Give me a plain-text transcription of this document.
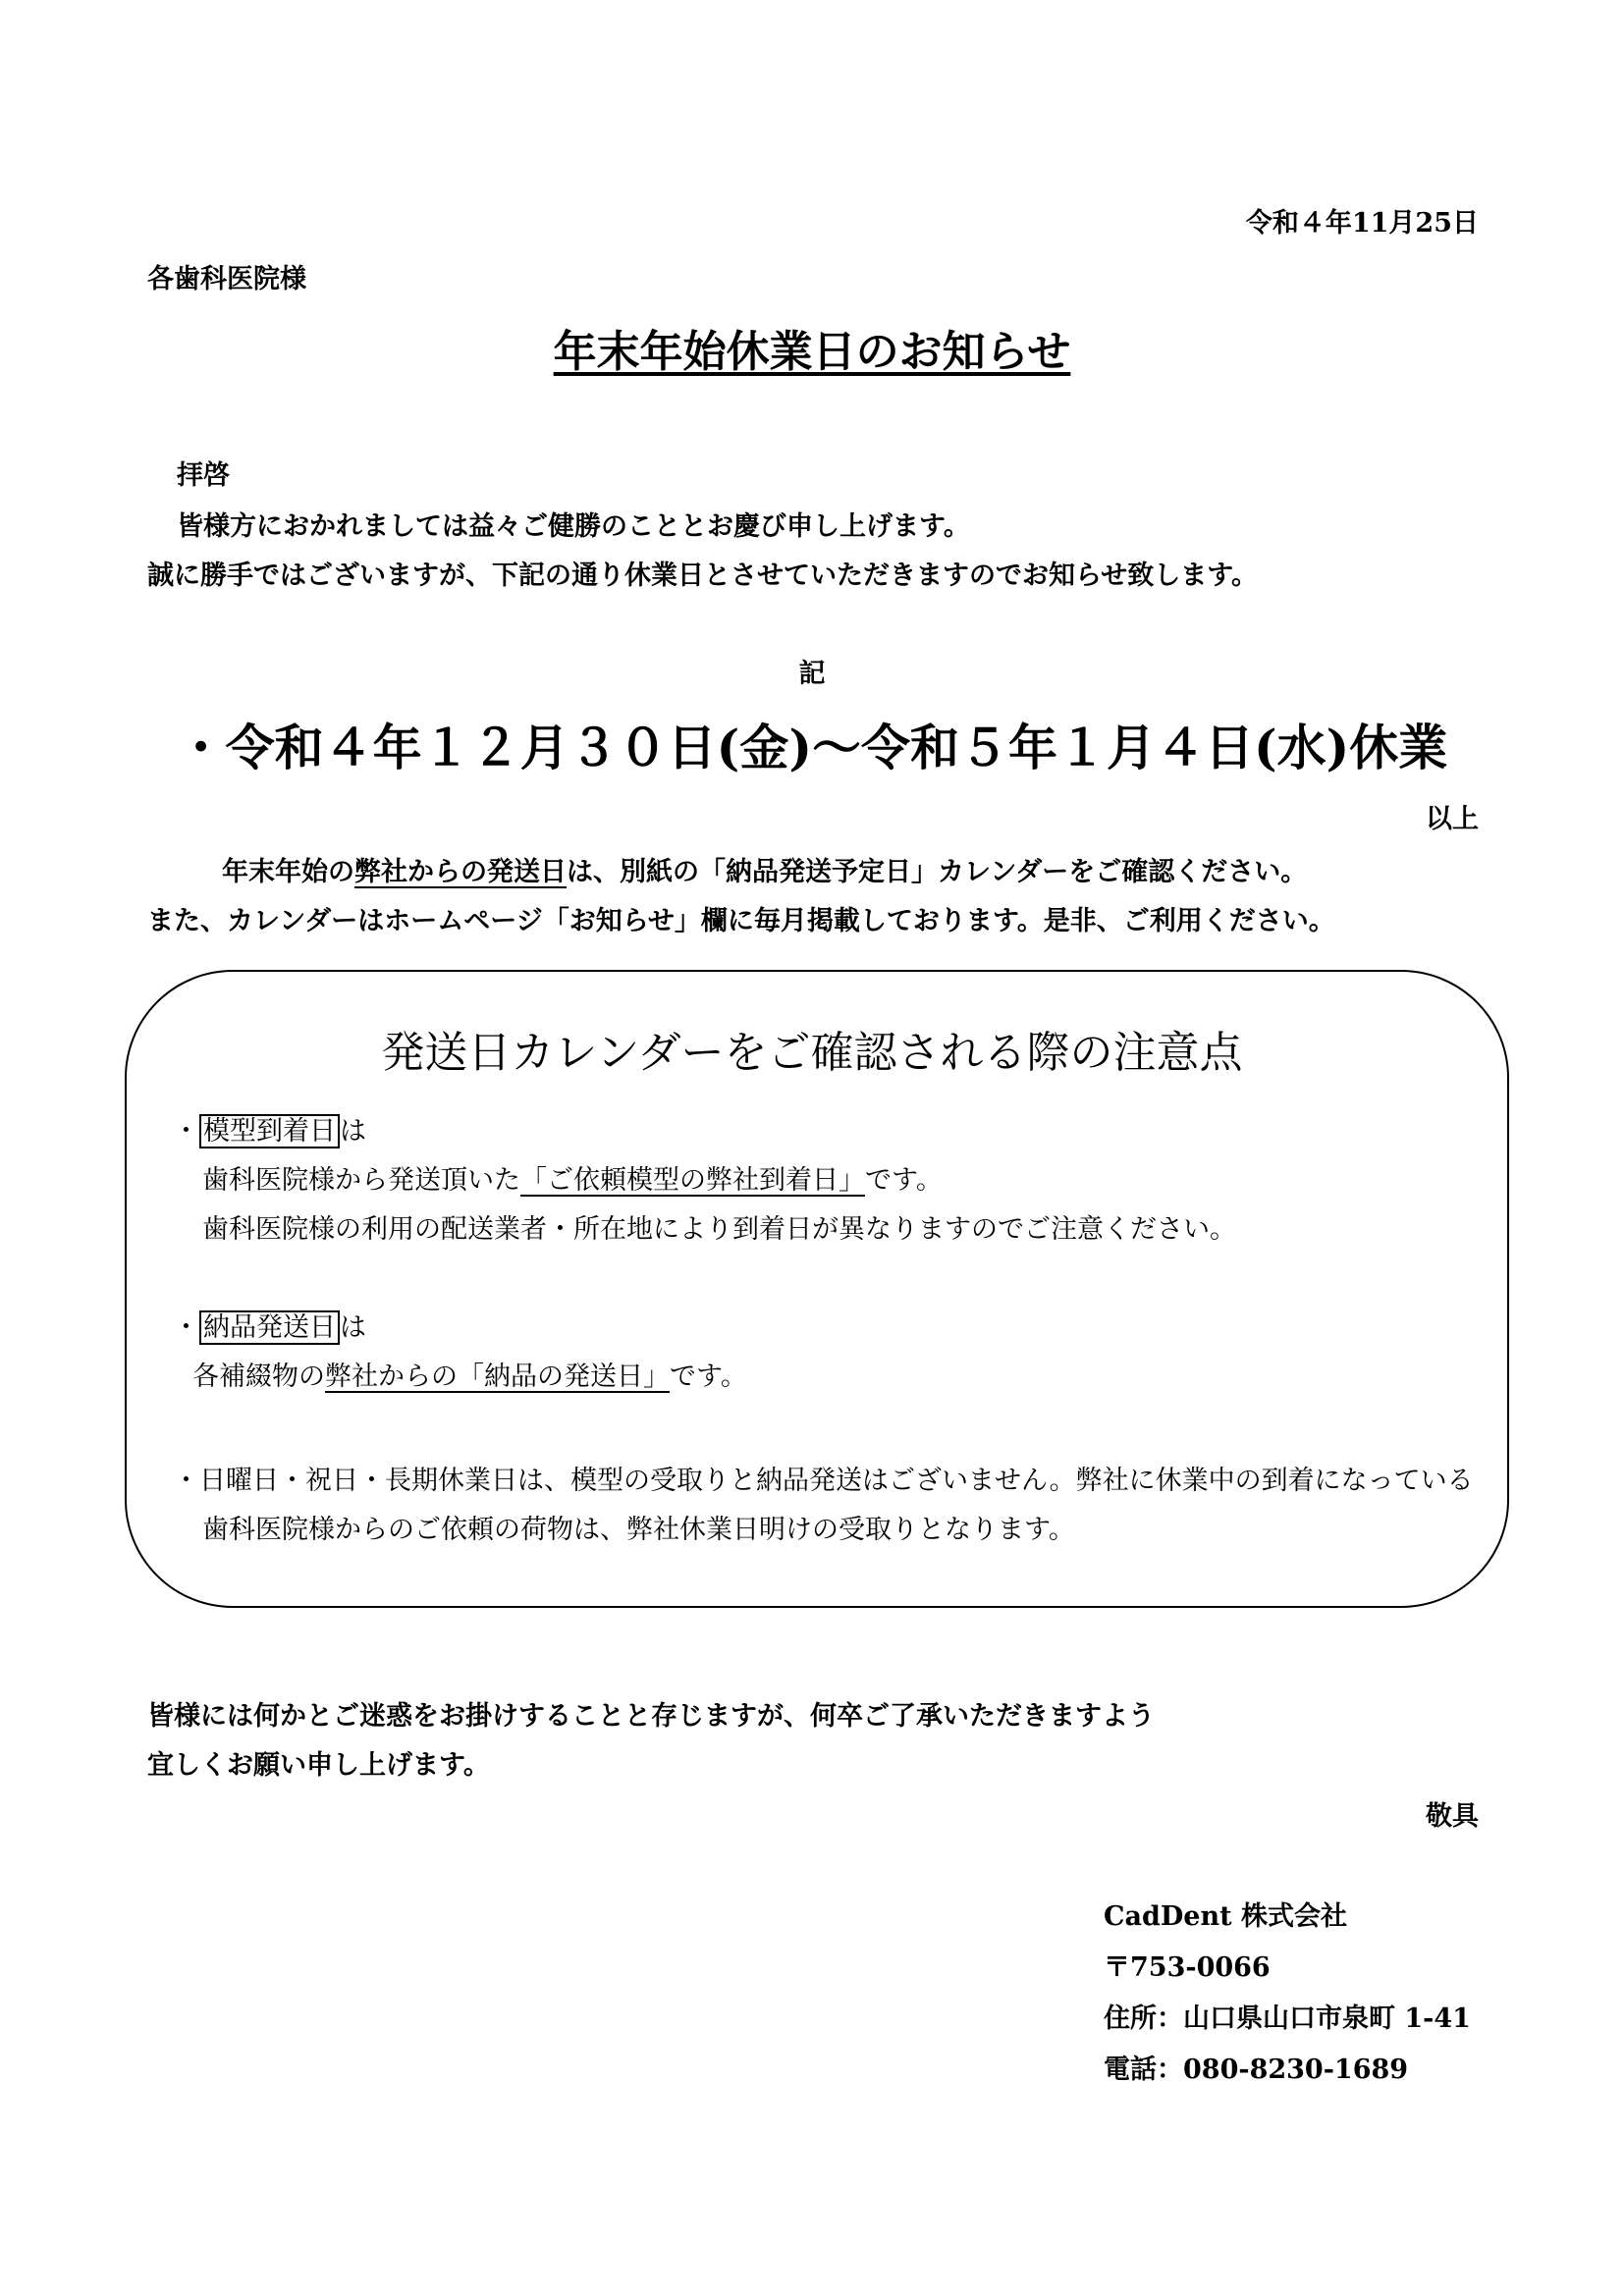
令和４年11月25日
各歯科医院様
年末年始休業日のお知らせ
拝啓
皆様方におかれましては益々ご健勝のこととお慶び申し上げます。
誠に勝手ではございますが、下記の通り休業日とさせていただきますのでお知らせ致します。
記
・令和４年１２月３０日(金)～令和５年１月４日(水)休業
以上
年末年始の弊社からの発送日は、別紙の「納品発送予定日」カレンダーをご確認ください。
また、カレンダーはホームページ「お知らせ」欄に毎月掲載しております。是非、ご利用ください。
発送日カレンダーをご確認される際の注意点
・ 模型到着日 は
歯科医院様から発送頂いた「ご依頼模型の弊社到着日」です。
歯科医院様の利用の配送業者・所在地により到着日が異なりますのでご注意ください。
・ 納品発送日 は
各補綴物の弊社からの「納品の発送日」です。
・日曜日・祝日・長期休業日は、模型の受取りと納品発送はございません。弊社に休業中の到着になっている
歯科医院様からのご依頼の荷物は、弊社休業日明けの受取りとなります。
皆様には何かとご迷惑をお掛けすることと存じますが、何卒ご了承いただきますよう
宜しくお願い申し上げます。
敬具
CadDent 株式会社
〒753-0066
住所：山口県山口市泉町 1-41
電話：080-8230-1689
